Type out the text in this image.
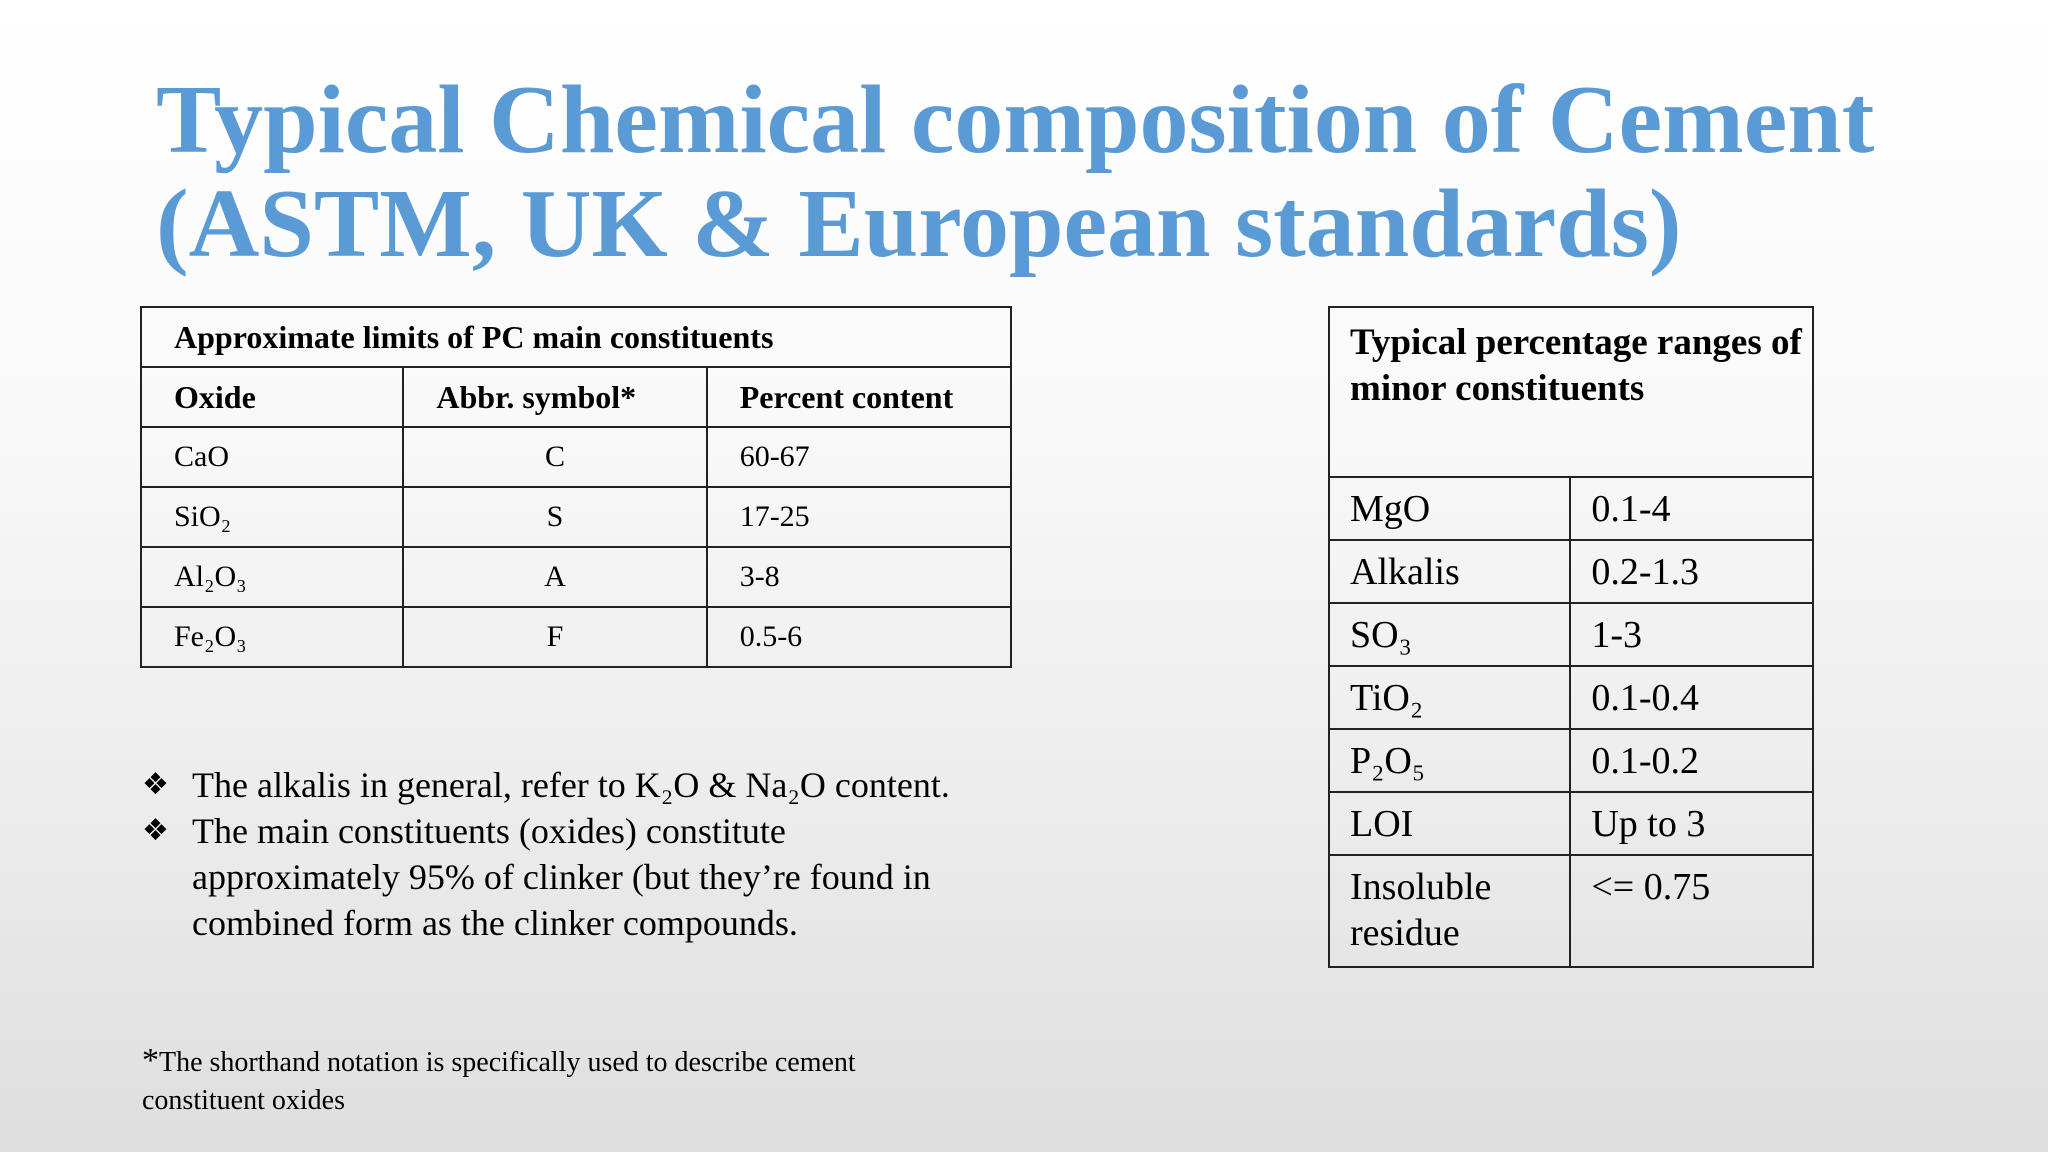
Typical Chemical composition of Cement
(ASTM, UK & European standards)
Approximate limits of PC main constituents		
Oxide	Abbr. symbol*	Percent content
CaO	C	60-67
SiO₂	S	17-25
Al₂O₃	A	3-8
Fe₂O₃	F	0.5-6
Typical percentage ranges of minor constituents	
MgO	0.1-4
Alkalis	0.2-1.3
SO₃	1-3
TiO₂	0.1-0.4
P₂O₅	0.1-0.2
LOI	Up to 3
Insoluble residue	<= 0.75
❖ The alkalis in general, refer to K₂O & Na₂O content.
❖ The main constituents (oxides) constitute approximately 95% of clinker (but they’re found in combined form as the clinker compounds.
*The shorthand notation is specifically used to describe cement constituent oxides
